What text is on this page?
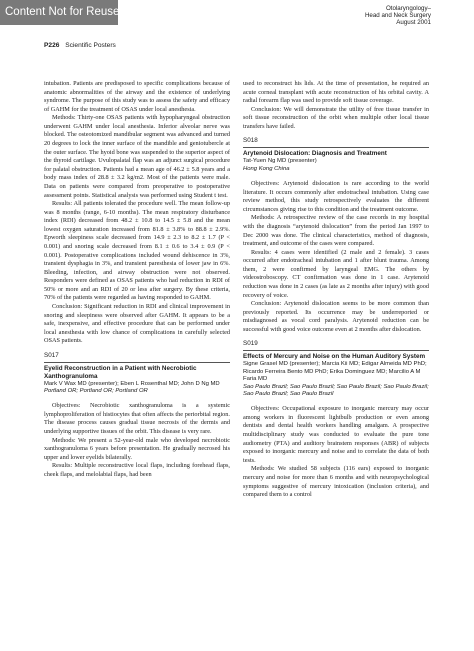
Content Not for Reuse	Otolaryngology–
Head and Neck Surgery
August 2001
P226 Scientific Posters

intubation. Patients are predisposed to specific complications because of anatomic abnormalities of the airway and the existence of underlying syndrome. The purpose of this study was to assess the safety and efficacy of GAHM for the treatment of OSAS under local anesthesia.

Methods: Thirty-one OSAS patients with hypopharyngeal obstruction underwent GAHM under local anesthesia. Inferior alveolar nerve was blocked. The osteotomized mandibular segment was advanced and turned 20 degrees to lock the inner surface of the mandible and geniotubercle at the outer surface. The hyoid bone was suspended to the superior aspect of the thyroid cartilage. Uvulopalatal flap was an adjunct surgical procedure for palatal obstruction. Patients had a mean age of 46.2 ± 5.8 years and a body mass index of 28.8 ± 3.2 kg/m2. Most of the patients were male. Data on patients were compared from preoperative to postoperative assessment points. Statistical analysis was performed using Student t test.

Results: All patients tolerated the procedure well. The mean follow-up was 8 months (range, 6-10 months). The mean respiratory disturbance index (RDI) decreased from 48.2 ± 10.8 to 14.5 ± 5.8 and the mean lowest oxygen saturation increased from 81.8 ± 3.8% to 88.8 ± 2.9%. Epworth sleepiness scale decreased from 14.9 ± 2.3 to 8.2 ± 1.7 (P < 0.001) and snoring scale decreased from 8.1 ± 0.6 to 3.4 ± 0.9 (P < 0.001). Postoperative complications included wound dehiscence in 3%, transient dysphagia in 3%, and transient paresthesia of lower jaw in 6%. Bleeding, infection, and airway obstruction were not observed. Responders were defined as OSAS patients who had reduction in RDI of 50% or more and an RDI of 20 or less after surgery. By these criteria, 70% of the patients were regarded as having responded to GAHM.

Conclusion: Significant reduction in RDI and clinical improvement in snoring and sleepiness were observed after GAHM. It appears to be a safe, inexpensive, and effective procedure that can be performed under local anesthesia with low chance of complications in carefully selected OSAS patients.

S017
Eyelid Reconstruction in a Patient with Necrobiotic Xanthogranuloma
Mark V Wax MD (presenter); Eben L Rosenthal MD; John D Ng MD
Portland OR; Portland OR; Portland OR

Objectives: Necrobiotic xanthogranuloma is a systemic lymphoproliferation of histiocytes that often affects the periorbital region. The disease process causes gradual tissue necrosis of the dermis and underlying supportive tissues of the orbit. This disease is very rare.

Methods: We present a 52-year-old male who developed necrobiotic xanthogranuloma 6 years before presentation. He gradually necrosed his upper and lower eyelids bilaterally.

Results: Multiple reconstructive local flaps, including forehead flaps, cheek flaps, and melolabial flaps, had been

used to reconstruct his lids. At the time of presentation, he required an acute corneal transplant with acute reconstruction of his orbital cavity. A radial forearm flap was used to provide soft tissue coverage.

Conclusion: We will demonstrate the utility of free tissue transfer in soft tissue reconstruction of the orbit when multiple other local tissue transfers have failed.

S018
Arytenoid Dislocation: Diagnosis and Treatment
Tat-Yuen Ng MD (presenter)
Hong Kong China

Objectives: Arytenoid dislocation is rare according to the world literature. It occurs commonly after endotracheal intubation. Using case review method, this study retrospectively evaluates the different circumstances giving rise to this condition and the treatment outcome.

Methods: A retrospective review of the case records in my hospital with the diagnosis “arytenoid dislocation” from the period Jan 1997 to Dec 2000 was done. The clinical characteristics, method of diagnosis, treatment, and outcome of the cases were compared.

Results: 4 cases were identified (2 male and 2 female). 3 cases occurred after endotracheal intubation and 1 after blunt trauma. Among them, 2 were confirmed by laryngeal EMG. The others by videostroboscopy. CT confirmation was done in 1 case. Arytenoid reduction was done in 2 cases (as late as 2 months after injury) with good recovery of voice.

Conclusion: Arytenoid dislocation seems to be more common than previously reported. Its occurrence may be underreported or misdiagnosed as vocal cord paralysis. Arytenoid reduction can be successful with good voice outcome even at 2 months after dislocation.

S019
Effects of Mercury and Noise on the Human Auditory System
Signe Grasel MD (presenter); Marcia Kii MD; Edigar Almeida MD PhD; Ricardo Ferreira Bento MD PhD; Erika Dominguez MD; Marcilio A M Faria MD
Sao Paulo Brazil; Sao Paulo Brazil; Sao Paulo Brazil; Sao Paulo Brazil; Sao Paulo Brazil; Sao Paulo Brazil

Objectives: Occupational exposure to inorganic mercury may occur among workers in fluorescent lightbulb production or even among dentists and dental health workers handling amalgam. A prospective multidisciplinary study was conducted to evaluate the pure tone audiometry (PTA) and auditory brainstem responses (ABR) of subjects exposed to inorganic mercury and noise and to correlate the data of both tests.

Methods: We studied 58 subjects (116 ears) exposed to inorganic mercury and noise for more than 6 months and with neuropsychological symptoms suggestive of mercury intoxication (inclusion criteria), and compared them to a control
